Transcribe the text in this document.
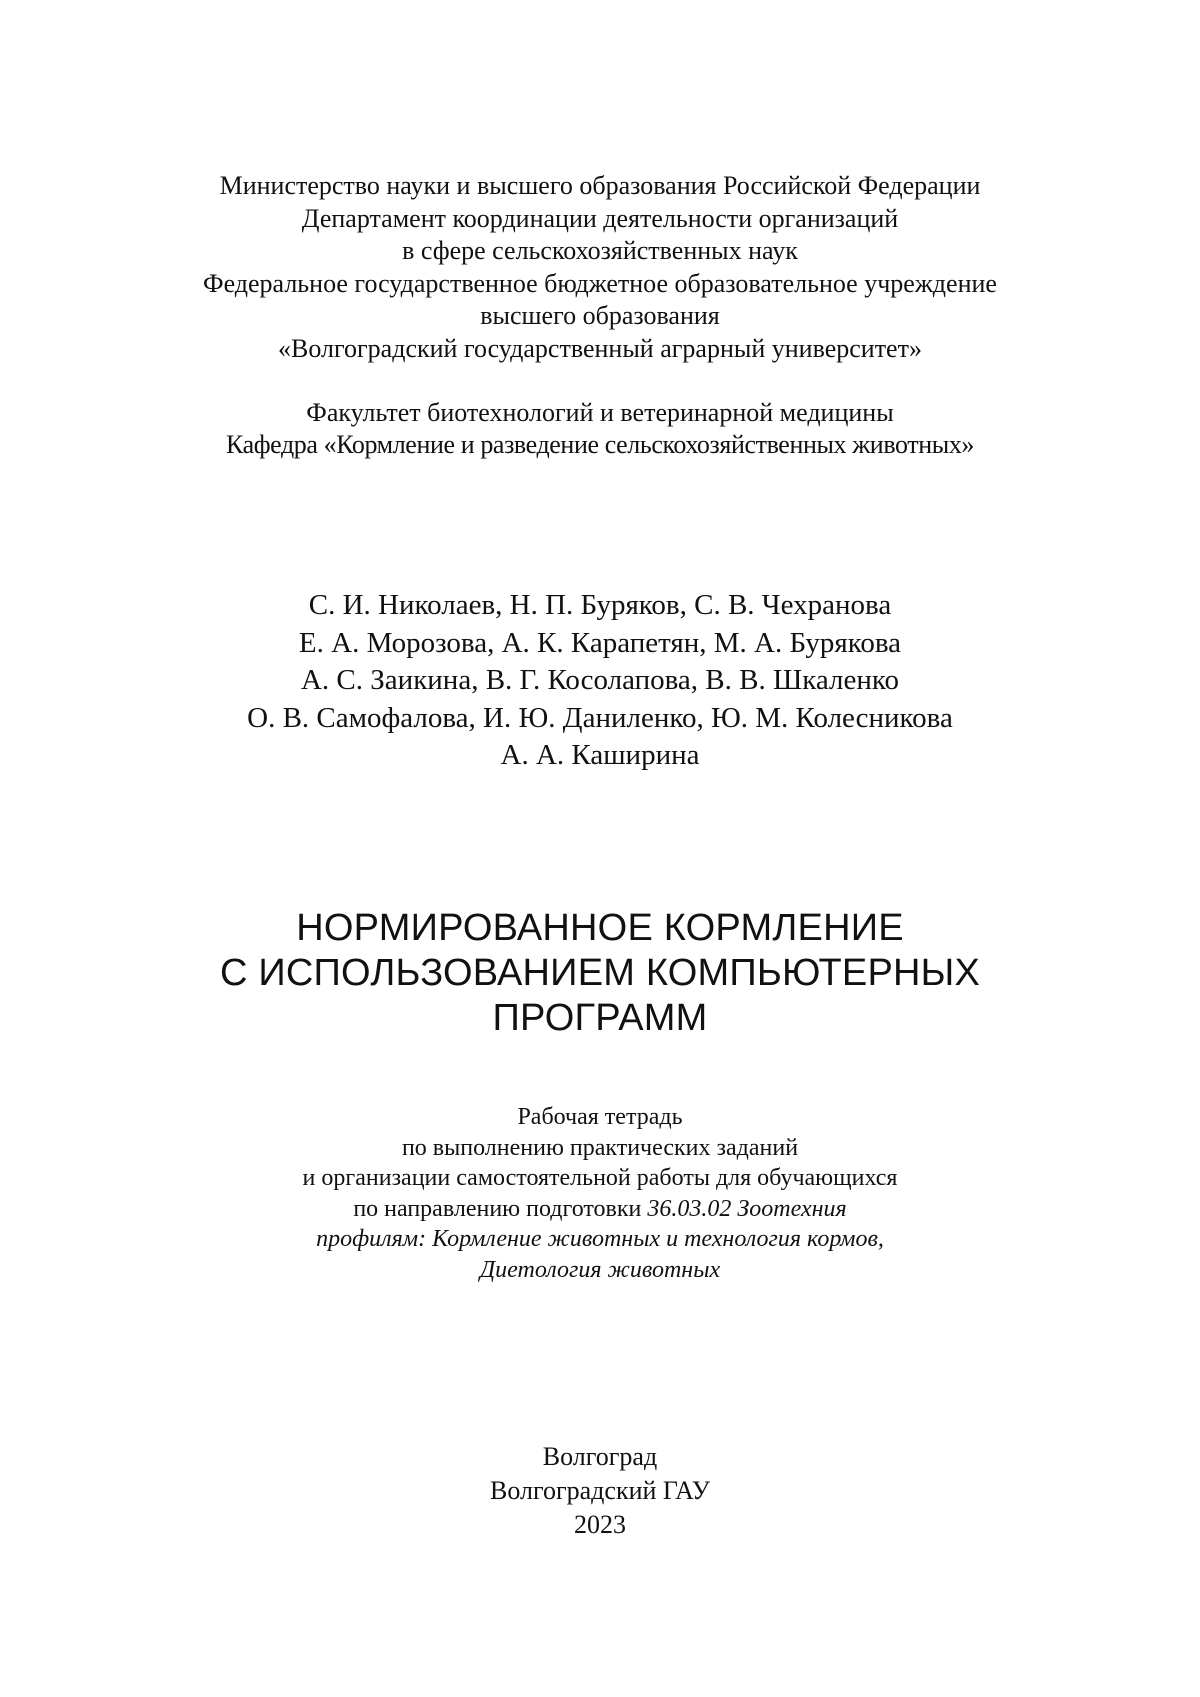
Министерство науки и высшего образования Российской Федерации
Департамент координации деятельности организаций
в сфере сельскохозяйственных наук
Федеральное государственное бюджетное образовательное учреждение
высшего образования
«Волгоградский государственный аграрный университет»
Факультет биотехнологий и ветеринарной медицины
Кафедра «Кормление и разведение сельскохозяйственных животных»
С. И. Николаев, Н. П. Буряков, С. В. Чехранова
Е. А. Морозова, А. К. Карапетян, М. А. Бурякова
А. С. Заикина, В. Г. Косолапова, В. В. Шкаленко
О. В. Самофалова, И. Ю. Даниленко, Ю. М. Колесникова
А. А. Каширина
НОРМИРОВАННОЕ КОРМЛЕНИЕ
С ИСПОЛЬЗОВАНИЕМ КОМПЬЮТЕРНЫХ
ПРОГРАММ
Рабочая тетрадь
по выполнению практических заданий
и организации самостоятельной работы для обучающихся
по направлению подготовки 36.03.02 Зоотехния
профилям: Кормление животных и технология кормов,
Диетология животных
Волгоград
Волгоградский ГАУ
2023
